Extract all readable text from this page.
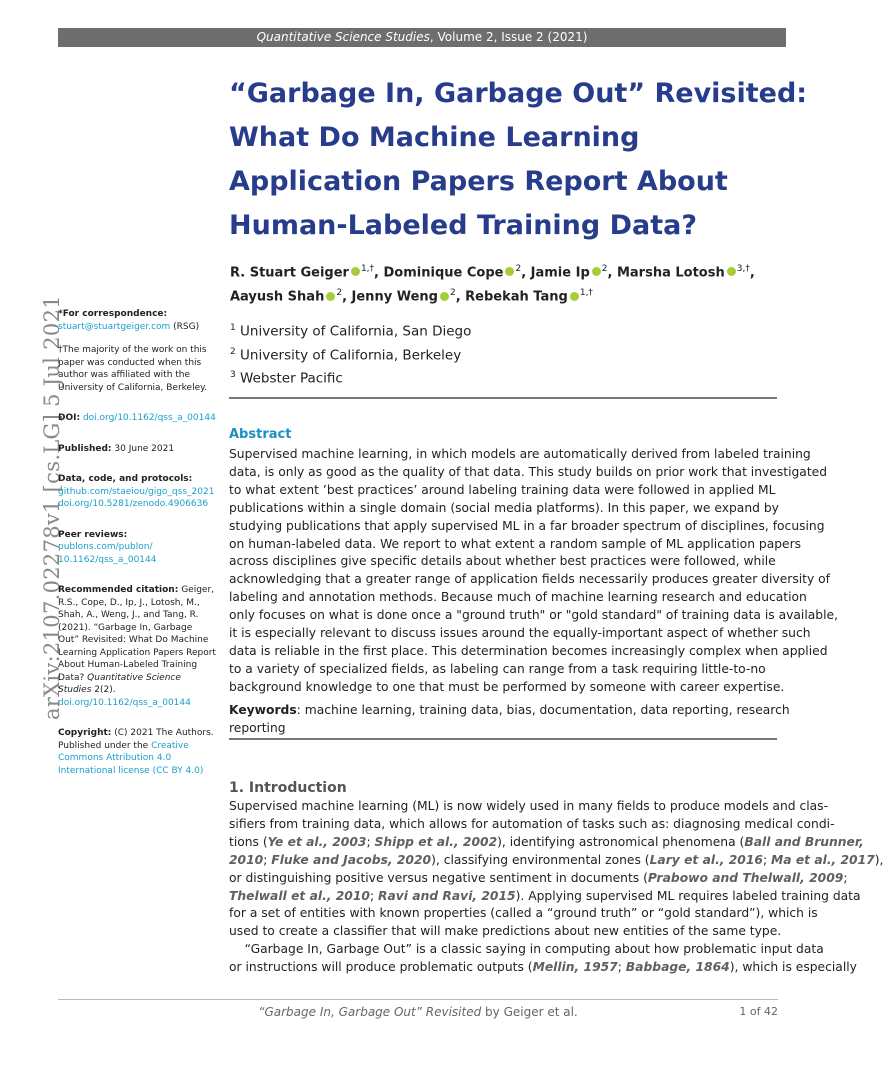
Quantitative Science Studies, Volume 2, Issue 2 (2021)
arXiv:2107.02278v1 [cs.LG] 5 Jul 2021
“Garbage In, Garbage Out” Revisited:
What Do Machine Learning
Application Papers Report About
Human-Labeled Training Data?
R. Stuart Geiger $^{1,\dagger}$, Dominique Cope $^2$, Jamie Ip $^2$, Marsha Lotosh $^{3,\dagger}$, Aayush Shah $^2$, Jenny Weng $^2$, Rebekah Tang $^{1,\dagger}$
$^1$ University of California, San Diego
$^2$ University of California, Berkeley
$^3$ Webster Pacific
*For correspondence:
stuart@stuartgeiger.com (RSG)
†The majority of the work on this paper was conducted when this author was affiliated with the University of California, Berkeley.
DOI: doi.org/10.1162/qss_a_00144
Published: 30 June 2021
Data, code, and protocols:
github.com/staeiou/gigo_qss_2021
doi.org/10.5281/zenodo.4906636
Peer reviews:
publons.com/publon/
10.1162/qss_a_00144
Recommended citation: Geiger, R.S., Cope, D., Ip, J., Lotosh, M., Shah, A., Weng, J., and Tang, R. (2021). “Garbage In, Garbage Out” Revisited: What Do Machine Learning Application Papers Report About Human-Labeled Training Data? Quantitative Science Studies 2(2).
doi.org/10.1162/qss_a_00144
Copyright: (C) 2021 The Authors. Published under the Creative Commons Attribution 4.0 International license (CC BY 4.0)
Abstract
Supervised machine learning, in which models are automatically derived from labeled training
data, is only as good as the quality of that data. This study builds on prior work that investigated
to what extent ’best practices’ around labeling training data were followed in applied ML
publications within a single domain (social media platforms). In this paper, we expand by
studying publications that apply supervised ML in a far broader spectrum of disciplines, focusing
on human-labeled data. We report to what extent a random sample of ML application papers
across disciplines give specific details about whether best practices were followed, while
acknowledging that a greater range of application fields necessarily produces greater diversity of
labeling and annotation methods. Because much of machine learning research and education
only focuses on what is done once a "ground truth" or "gold standard" of training data is available,
it is especially relevant to discuss issues around the equally-important aspect of whether such
data is reliable in the first place. This determination becomes increasingly complex when applied
to a variety of specialized fields, as labeling can range from a task requiring little-to-no
background knowledge to one that must be performed by someone with career expertise.
Keywords: machine learning, training data, bias, documentation, data reporting, research
reporting
1. Introduction
Supervised machine learning (ML) is now widely used in many fields to produce models and clas-
sifiers from training data, which allows for automation of tasks such as: diagnosing medical condi-
tions (Ye et al., 2003; Shipp et al., 2002), identifying astronomical phenomena (Ball and Brunner,
2010; Fluke and Jacobs, 2020), classifying environmental zones (Lary et al., 2016; Ma et al., 2017),
or distinguishing positive versus negative sentiment in documents (Prabowo and Thelwall, 2009;
Thelwall et al., 2010; Ravi and Ravi, 2015). Applying supervised ML requires labeled training data
for a set of entities with known properties (called a “ground truth” or “gold standard”), which is
used to create a classifier that will make predictions about new entities of the same type.
“Garbage In, Garbage Out” is a classic saying in computing about how problematic input data
or instructions will produce problematic outputs (Mellin, 1957; Babbage, 1864), which is especially
“Garbage In, Garbage Out” Revisited by Geiger et al.	1 of 42
